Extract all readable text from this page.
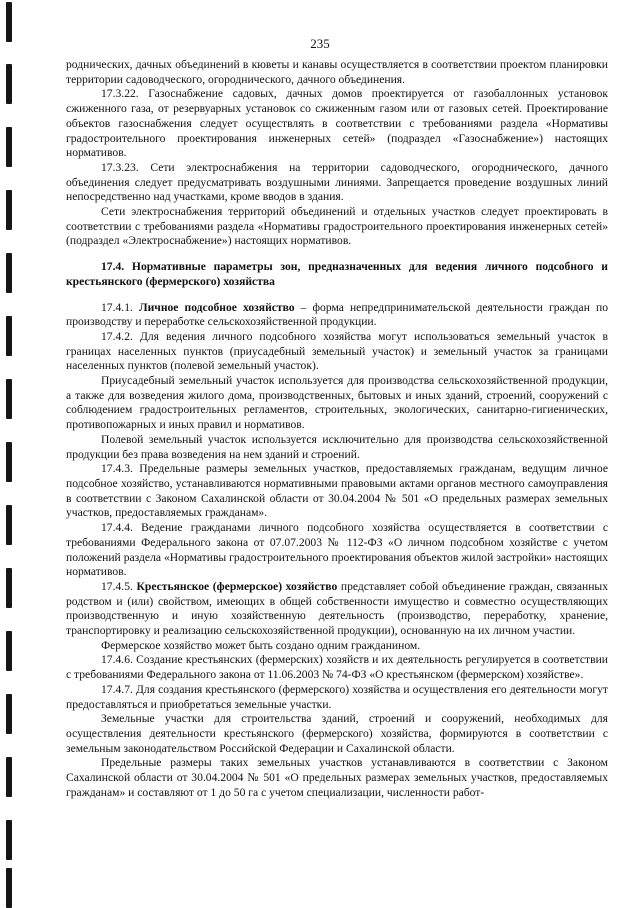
235

роднических, дачных объединений в кюветы и канавы осуществляется в соответствии проектом планировки территории садоводческого, огороднического, дачного объединения.

17.3.22. Газоснабжение садовых, дачных домов проектируется от газобаллонных установок сжиженного газа, от резервуарных установок со сжиженным газом или от газовых сетей. Проектирование объектов газоснабжения следует осуществлять в соответствии с требованиями раздела «Нормативы градостроительного проектирования инженерных сетей» (подраздел «Газоснабжение») настоящих нормативов.

17.3.23. Сети электроснабжения на территории садоводческого, огороднического, дачного объединения следует предусматривать воздушными линиями. Запрещается проведение воздушных линий непосредственно над участками, кроме вводов в здания.

Сети электроснабжения территорий объединений и отдельных участков следует проектировать в соответствии с требованиями раздела «Нормативы градостроительного проектирования инженерных сетей» (подраздел «Электроснабжение») настоящих нормативов.

17.4. Нормативные параметры зон, предназначенных для ведения личного подсобного и крестьянского (фермерского) хозяйства

17.4.1. Личное подсобное хозяйство – форма непредпринимательской деятельности граждан по производству и переработке сельскохозяйственной продукции.

17.4.2. Для ведения личного подсобного хозяйства могут использоваться земельный участок в границах населенных пунктов (приусадебный земельный участок) и земельный участок за границами населенных пунктов (полевой земельный участок).

Приусадебный земельный участок используется для производства сельскохозяйственной продукции, а также для возведения жилого дома, производственных, бытовых и иных зданий, строений, сооружений с соблюдением градостроительных регламентов, строительных, экологических, санитарно-гигиенических, противопожарных и иных правил и нормативов.

Полевой земельный участок используется исключительно для производства сельскохозяйственной продукции без права возведения на нем зданий и строений.

17.4.3. Предельные размеры земельных участков, предоставляемых гражданам, ведущим личное подсобное хозяйство, устанавливаются нормативными правовыми актами органов местного самоуправления в соответствии с Законом Сахалинской области от 30.04.2004 № 501 «О предельных размерах земельных участков, предоставляемых гражданам».

17.4.4. Ведение гражданами личного подсобного хозяйства осуществляется в соответствии с требованиями Федерального закона от 07.07.2003 № 112-ФЗ «О личном подсобном хозяйстве с учетом положений раздела «Нормативы градостроительного проектирования объектов жилой застройки» настоящих нормативов.

17.4.5. Крестьянское (фермерское) хозяйство представляет собой объединение граждан, связанных родством и (или) свойством, имеющих в общей собственности имущество и совместно осуществляющих производственную и иную хозяйственную деятельность (производство, переработку, хранение, транспортировку и реализацию сельскохозяйственной продукции), основанную на их личном участии.

Фермерское хозяйство может быть создано одним гражданином.

17.4.6. Создание крестьянских (фермерских) хозяйств и их деятельность регулируется в соответствии с требованиями Федерального закона от 11.06.2003 № 74-ФЗ «О крестьянском (фермерском) хозяйстве».

17.4.7. Для создания крестьянского (фермерского) хозяйства и осуществления его деятельности могут предоставляться и приобретаться земельные участки.

Земельные участки для строительства зданий, строений и сооружений, необходимых для осуществления деятельности крестьянского (фермерского) хозяйства, формируются в соответствии с земельным законодательством Российской Федерации и Сахалинской области.

Предельные размеры таких земельных участков устанавливаются в соответствии с Законом Сахалинской области от 30.04.2004 № 501 «О предельных размерах земельных участков, предоставляемых гражданам» и составляют от 1 до 50 га с учетом специализации, численности работ-
